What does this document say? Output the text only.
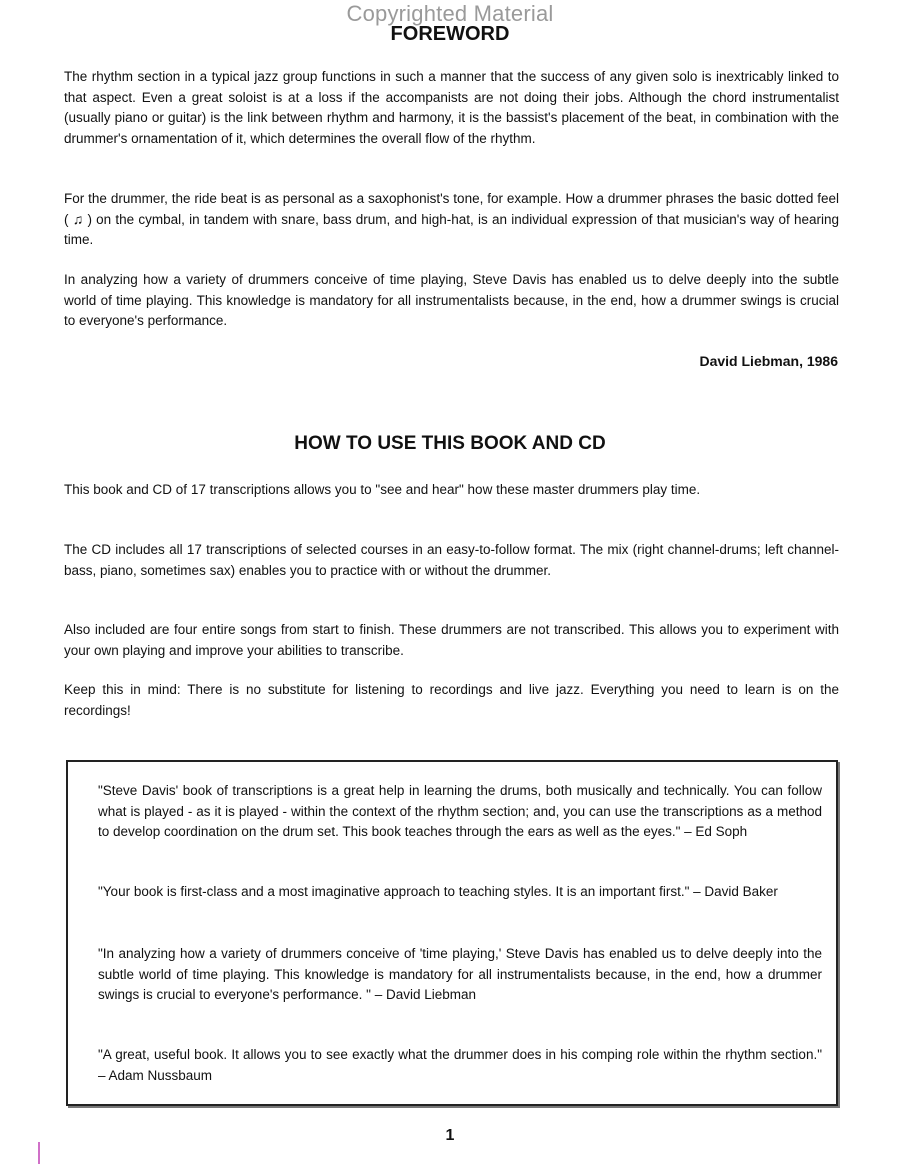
Copyrighted Material
FOREWORD

The rhythm section in a typical jazz group functions in such a manner that the success of any given solo is inextricably linked to that aspect. Even a great soloist is at a loss if the accompanists are not doing their jobs. Although the chord instrumentalist (usually piano or guitar) is the link between rhythm and harmony, it is the bassist's placement of the beat, in combination with the drummer's ornamentation of it, which determines the overall flow of the rhythm.

For the drummer, the ride beat is as personal as a saxophonist's tone, for example. How a drummer phrases the basic dotted feel ( ♫ ) on the cymbal, in tandem with snare, bass drum, and high-hat, is an individual expression of that musician's way of hearing time.

In analyzing how a variety of drummers conceive of time playing, Steve Davis has enabled us to delve deeply into the subtle world of time playing. This knowledge is mandatory for all instrumentalists because, in the end, how a drummer swings is crucial to everyone's performance.

David Liebman, 1986

HOW TO USE THIS BOOK AND CD

This book and CD of 17 transcriptions allows you to "see and hear" how these master drummers play time.

The CD includes all 17 transcriptions of selected courses in an easy-to-follow format. The mix (right channel-drums; left channel-bass, piano, sometimes sax) enables you to practice with or without the drummer.

Also included are four entire songs from start to finish. These drummers are not transcribed. This allows you to experiment with your own playing and improve your abilities to transcribe.

Keep this in mind: There is no substitute for listening to recordings and live jazz. Everything you need to learn is on the recordings!

"Steve Davis' book of transcriptions is a great help in learning the drums, both musically and technically. You can follow what is played - as it is played - within the context of the rhythm section; and, you can use the transcriptions as a method to develop coordination on the drum set. This book teaches through the ears as well as the eyes." – Ed Soph

"Your book is first-class and a most imaginative approach to teaching styles. It is an important first." – David Baker

"In analyzing how a variety of drummers conceive of 'time playing,' Steve Davis has enabled us to delve deeply into the subtle world of time playing. This knowledge is mandatory for all instrumentalists because, in the end, how a drummer swings is crucial to everyone's performance. " – David Liebman

"A great, useful book. It allows you to see exactly what the drummer does in his comping role within the rhythm section." – Adam Nussbaum

1
